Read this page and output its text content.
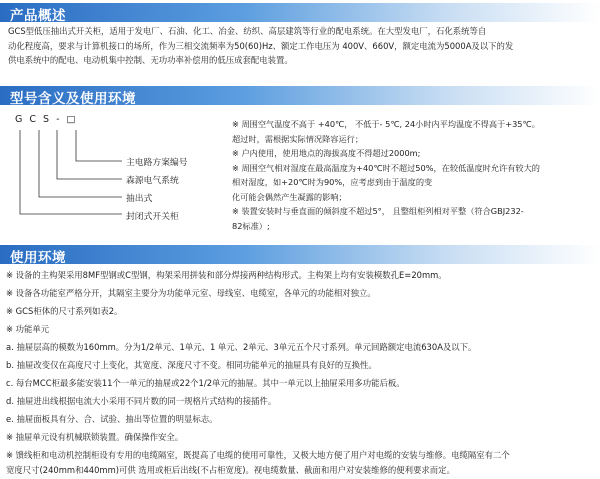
产品概述
GCS型低压抽出式开关柜，适用于发电厂、石油、化工、冶金、纺织、高层建筑等行业的配电系统。在大型发电厂，石化系统等自
动化程度高，要求与计算机接口的场所，作为三相交流频率为50(60)Hz、额定工作电压为 400V、660V，额定电流为5000A及以下的发
供电系统中的配电、电动机集中控制、无功功率补偿用的低压成套配电装置。
型号含义及使用环境
G C S - □
主电路方案编号
森源电气系统
抽出式
封闭式开关柜
※ 周围空气温度不高于 +40℃， 不低于- 5℃, 24小时内平均温度不得高于+35℃。
超过时，需根据实际情况降容运行；
※ 户内使用，使用地点的海拔高度不得超过2000m;
※ 周围空气相对湿度在最高温度为+40℃时不超过50%，在较低温度时允许有较大的
相对湿度，如+20℃时为90%，应考虑到由于温度的变
化可能会偶然产生凝露的影响；
※ 装置安装时与垂直面的倾斜度不超过5°， 且整组柜列相对平整（符合GBJ232-
82标准）;
使用环境
※ 设备的主构架采用8MF型钢或C型钢，构架采用拼装和部分焊接两种结构形式。主构架上均有安装模数孔E=20mm。
※ 设备各功能室严格分开，其隔室主要分为功能单元室、母线室、电缆室，各单元的功能相对独立。
※ GCS柜体的尺寸系列如表2。
※ 功能单元
a. 抽屉层高的模数为160mm。分为1/2单元、1单元、1 单元、2单元、3单元五个尺寸系列。单元回路额定电流630A及以下。
b. 抽屉改变仅在高度尺寸上变化，其宽度、深度尺寸不变。相同功能单元的抽屉具有良好的互换性。
c. 每台MCC柜最多能安装11个一单元的抽屉或22个1/2单元的抽屉。其中一单元以上抽屉采用多功能后板。
d. 抽屉进出线根据电流大小采用不同片数的同一规格片式结构的接插件。
e. 抽屉面板具有分、合、试验、抽出等位置的明显标志。
※ 抽屉单元设有机械联锁装置。确保操作安全。
※ 馈线柜和电动机控制柜设有专用的电缆隔室，既提高了电缆的使用可靠性，又极大地方便了用户对电缆的安装与维修。电缆隔室有二个
宽度尺寸(240mm和440mm)可供 选用或柜后出线(不占柜宽度)。视电缆数量、截面和用户对安装维修的便利要求而定。
